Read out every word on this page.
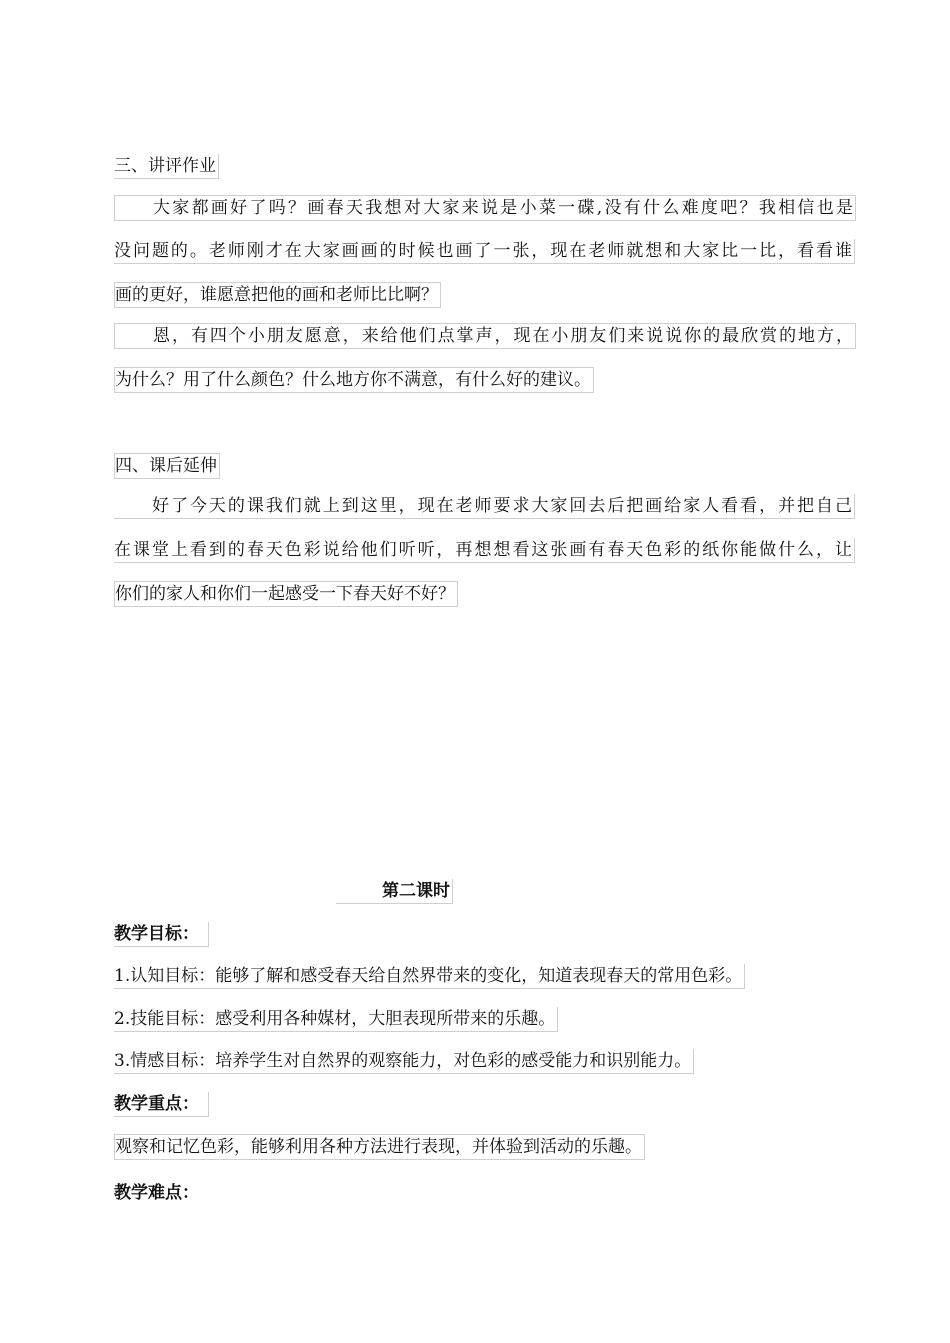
三、讲评作业
大家都画好了吗？画春天我想对大家来说是小菜一碟,没有什么难度吧？我相信也是
没问题的。老师刚才在大家画画的时候也画了一张，现在老师就想和大家比一比，看看谁
画的更好，谁愿意把他的画和老师比比啊？
恩，有四个小朋友愿意，来给他们点掌声，现在小朋友们来说说你的最欣赏的地方，
为什么？用了什么颜色？什么地方你不满意，有什么好的建议。
四、课后延伸
好了今天的课我们就上到这里，现在老师要求大家回去后把画给家人看看，并把自己
在课堂上看到的春天色彩说给他们听听，再想想看这张画有春天色彩的纸你能做什么，让
你们的家人和你们一起感受一下春天好不好？
第二课时
教学目标：
1.认知目标：能够了解和感受春天给自然界带来的变化，知道表现春天的常用色彩。
2.技能目标：感受利用各种媒材，大胆表现所带来的乐趣。
3.情感目标：培养学生对自然界的观察能力，对色彩的感受能力和识别能力。
教学重点：
观察和记忆色彩，能够利用各种方法进行表现，并体验到活动的乐趣。
教学难点：
